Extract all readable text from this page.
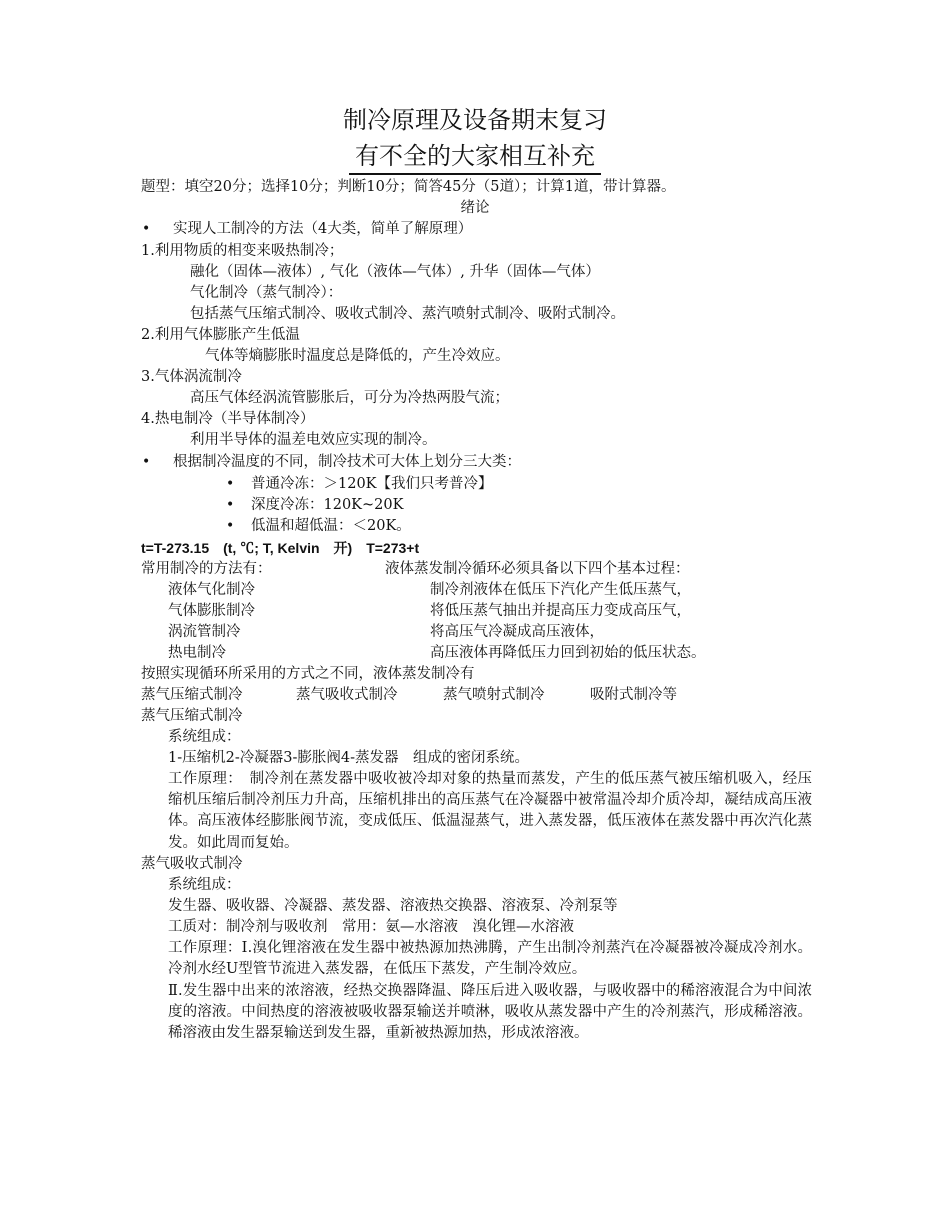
制冷原理及设备期末复习
有不全的大家相互补充
题型：填空20分；选择10分；判断10分；简答45分（5道）；计算1道，带计算器。
绪论
• 实现人工制冷的方法（4大类，简单了解原理）
1.利用物质的相变来吸热制冷；
融化（固体—液体）, 气化（液体—气体）, 升华（固体—气体）
气化制冷（蒸气制冷）：
包括蒸气压缩式制冷、吸收式制冷、蒸汽喷射式制冷、吸附式制冷。
2.利用气体膨胀产生低温
气体等熵膨胀时温度总是降低的，产生冷效应。
3.气体涡流制冷
高压气体经涡流管膨胀后，可分为冷热两股气流；
4.热电制冷（半导体制冷）
利用半导体的温差电效应实现的制冷。
• 根据制冷温度的不同，制冷技术可大体上划分三大类：
• 普通冷冻：＞120K【我们只考普冷】
• 深度冷冻：120K~20K
• 低温和超低温：＜20K。
t=T-273.15　(t, ℃; T, Kelvin　开)　T=273+t
常用制冷的方法有：	液体蒸发制冷循环必须具备以下四个基本过程：
液体气化制冷	制冷剂液体在低压下汽化产生低压蒸气，
气体膨胀制冷	将低压蒸气抽出并提高压力变成高压气，
涡流管制冷	将高压气冷凝成高压液体，
热电制冷	高压液体再降低压力回到初始的低压状态。
按照实现循环所采用的方式之不同，液体蒸发制冷有
蒸气压缩式制冷	蒸气吸收式制冷	蒸气喷射式制冷	吸附式制冷等
蒸气压缩式制冷
系统组成：
1-压缩机2-冷凝器3-膨胀阀4-蒸发器　组成的密闭系统。
工作原理：　制冷剂在蒸发器中吸收被冷却对象的热量而蒸发，产生的低压蒸气被压缩机吸入，经压缩机压缩后制冷剂压力升高，压缩机排出的高压蒸气在冷凝器中被常温冷却介质冷却，凝结成高压液体。高压液体经膨胀阀节流，变成低压、低温湿蒸气，进入蒸发器，低压液体在蒸发器中再次汽化蒸发。如此周而复始。
蒸气吸收式制冷
系统组成：
发生器、吸收器、冷凝器、蒸发器、溶液热交换器、溶液泵、冷剂泵等
工质对：制冷剂与吸收剂　常用：氨—水溶液　溴化锂—水溶液
工作原理：Ⅰ.溴化锂溶液在发生器中被热源加热沸腾，产生出制冷剂蒸汽在冷凝器被冷凝成冷剂水。冷剂水经U型管节流进入蒸发器，在低压下蒸发，产生制冷效应。
Ⅱ.发生器中出来的浓溶液，经热交换器降温、降压后进入吸收器，与吸收器中的稀溶液混合为中间浓度的溶液。中间热度的溶液被吸收器泵输送并喷淋，吸收从蒸发器中产生的冷剂蒸汽，形成稀溶液。稀溶液由发生器泵输送到发生器，重新被热源加热，形成浓溶液。
